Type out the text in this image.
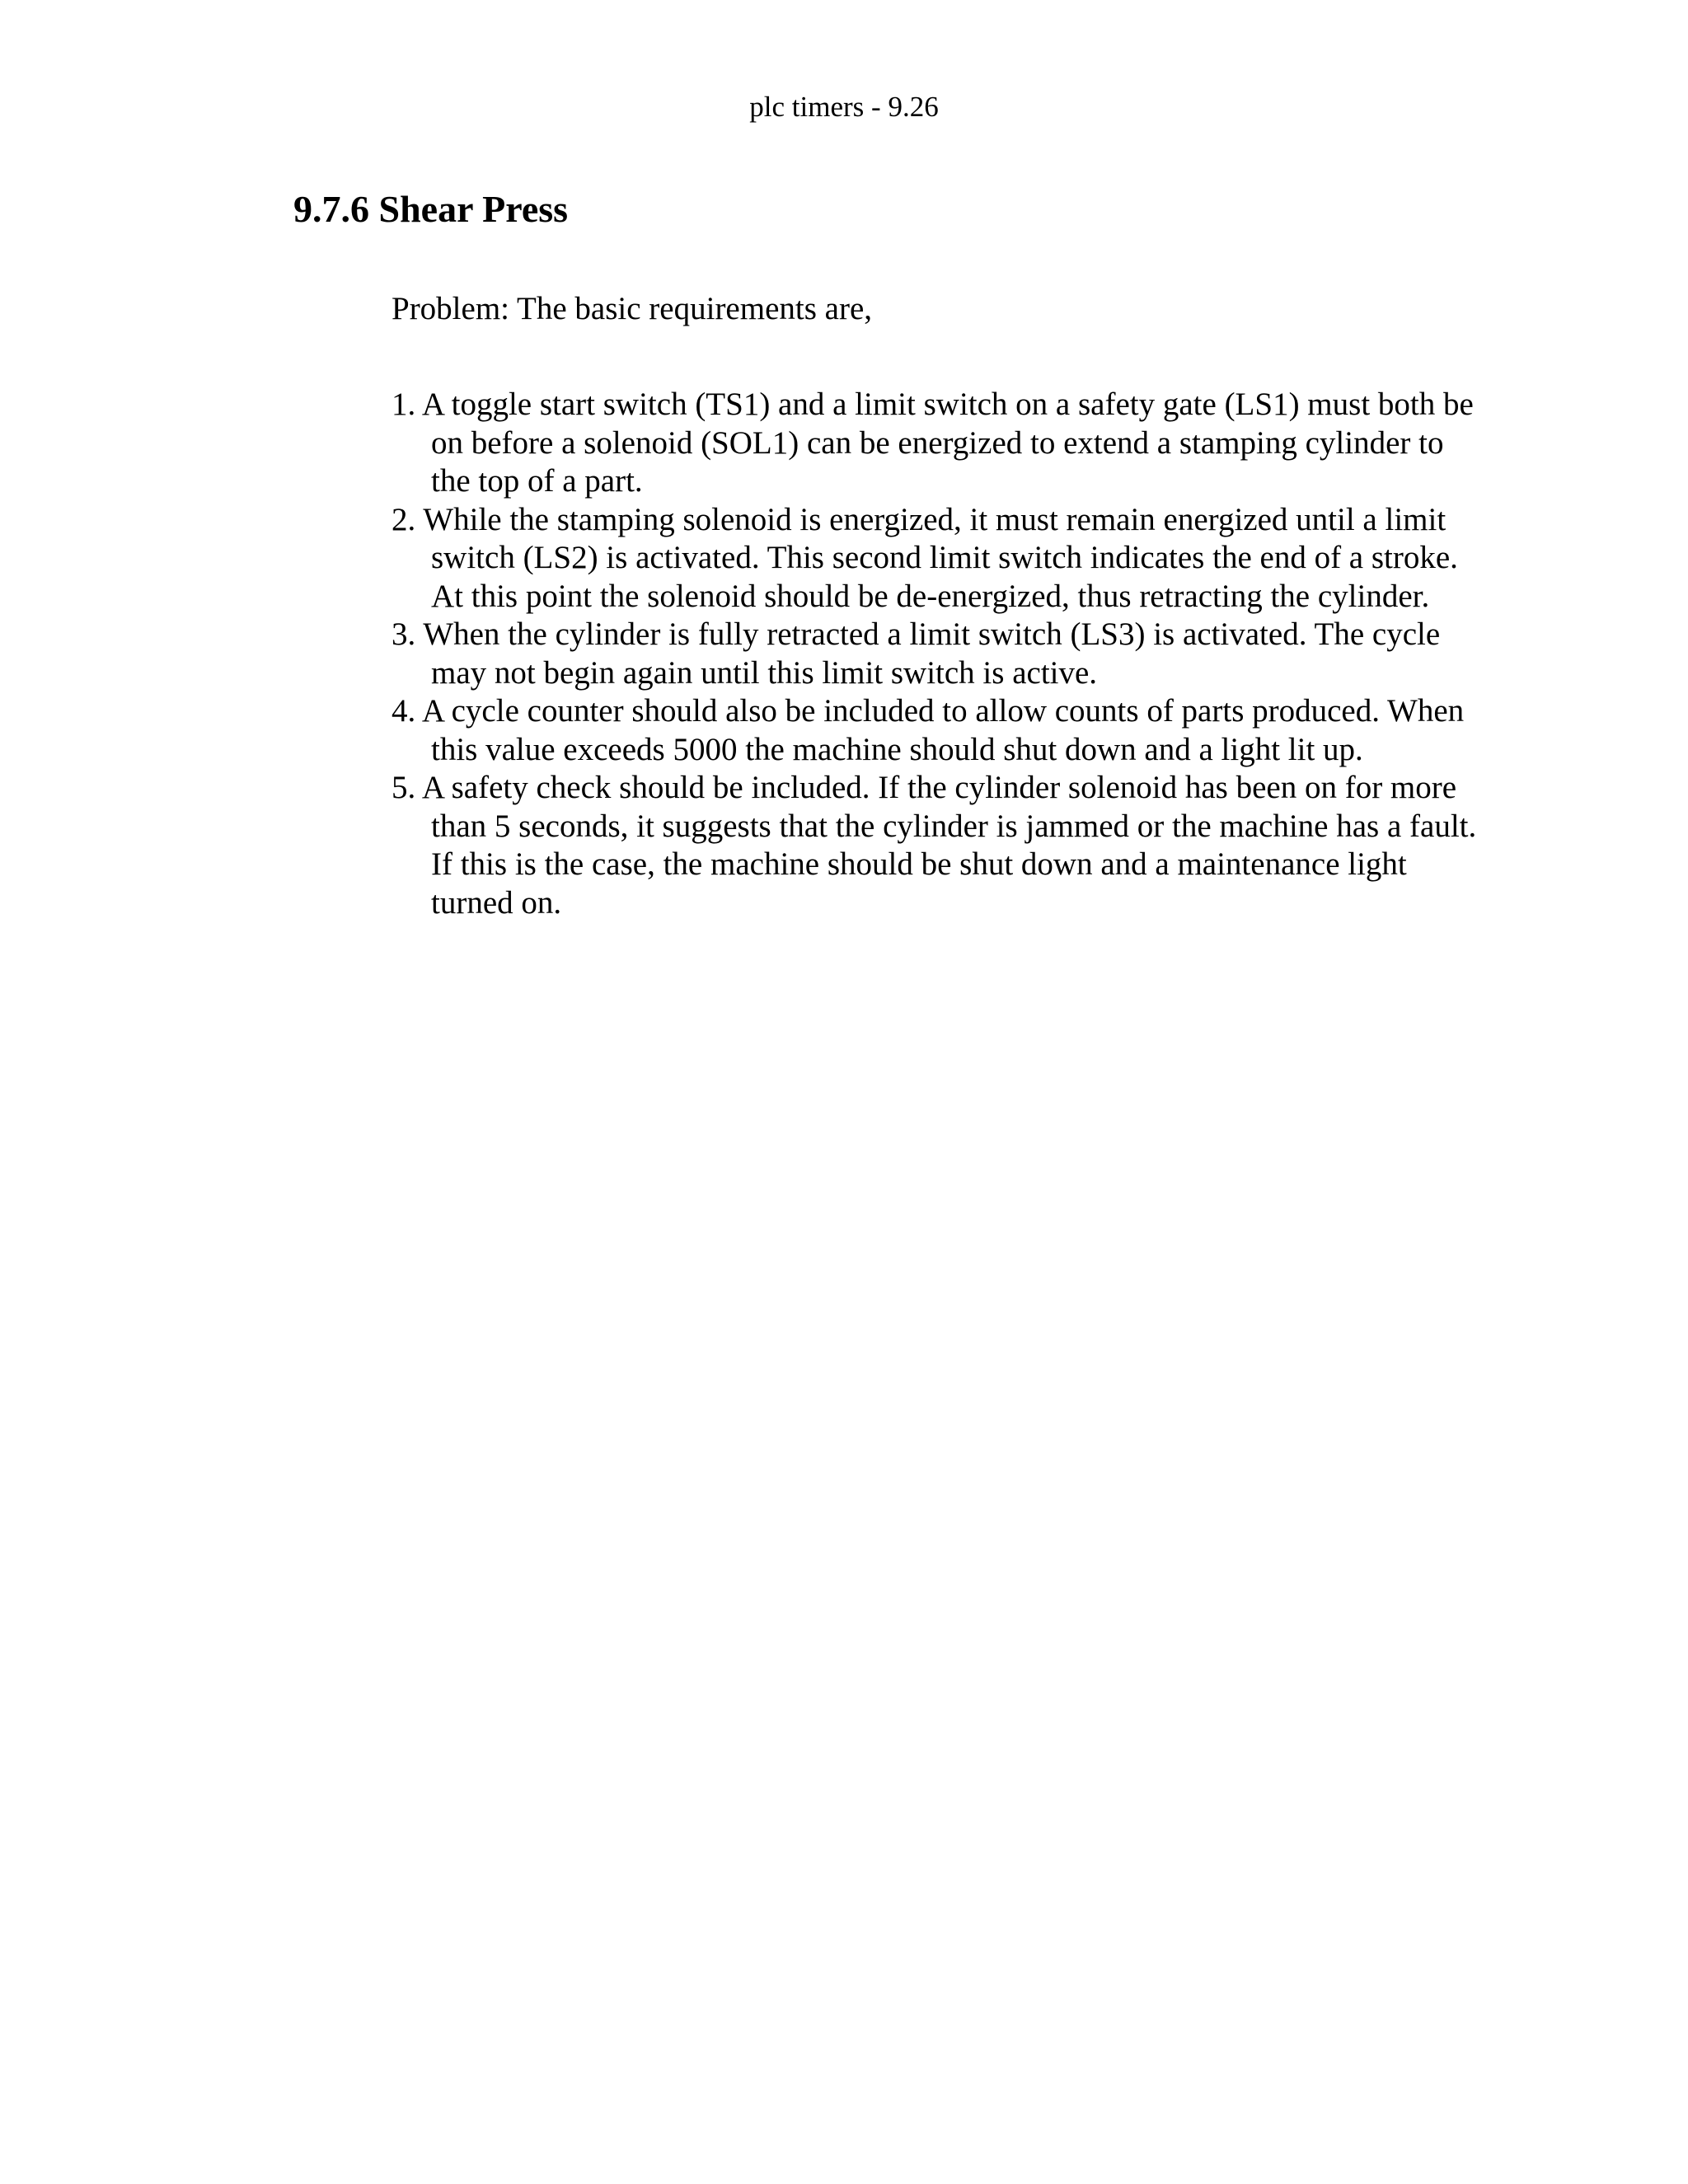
plc timers - 9.26
9.7.6 Shear Press

Problem: The basic requirements are,

1. A toggle start switch (TS1) and a limit switch on a safety gate (LS1) must both be on before a solenoid (SOL1) can be energized to extend a stamping cylinder to the top of a part.
2. While the stamping solenoid is energized, it must remain energized until a limit switch (LS2) is activated. This second limit switch indicates the end of a stroke. At this point the solenoid should be de-energized, thus retracting the cylinder.
3. When the cylinder is fully retracted a limit switch (LS3) is activated. The cycle may not begin again until this limit switch is active.
4. A cycle counter should also be included to allow counts of parts produced. When this value exceeds 5000 the machine should shut down and a light lit up.
5. A safety check should be included. If the cylinder solenoid has been on for more than 5 seconds, it suggests that the cylinder is jammed or the machine has a fault. If this is the case, the machine should be shut down and a maintenance light turned on.
